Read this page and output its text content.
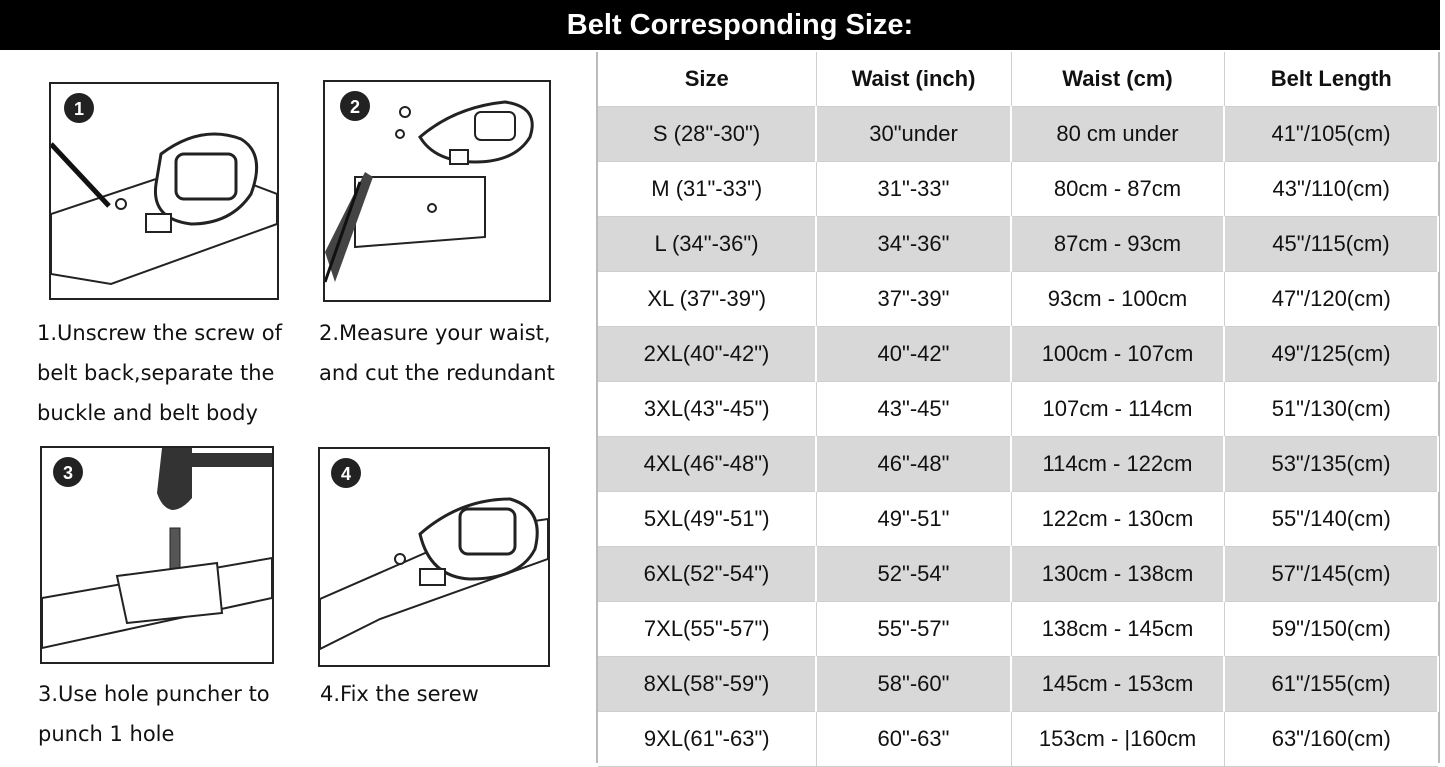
Belt Corresponding Size:
1	2
1.Unscrew the screw of
belt back,separate the
buckle and belt body
2.Measure your waist,
and cut the redundant
3	4
3.Use hole puncher to
punch 1 hole
4.Fix the serew
Size	Waist (inch)	Waist (cm)	Belt Length
S (28"-30")	30"under	80 cm under	41"/105(cm)
M (31"-33")	31"-33"	80cm - 87cm	43"/110(cm)
L (34"-36")	34"-36"	87cm - 93cm	45"/115(cm)
XL (37"-39")	37"-39"	93cm - 100cm	47"/120(cm)
2XL(40"-42")	40"-42"	100cm - 107cm	49"/125(cm)
3XL(43"-45")	43"-45"	107cm - 114cm	51"/130(cm)
4XL(46"-48")	46"-48"	114cm - 122cm	53"/135(cm)
5XL(49"-51")	49"-51"	122cm - 130cm	55"/140(cm)
6XL(52"-54")	52"-54"	130cm - 138cm	57"/145(cm)
7XL(55"-57")	55"-57"	138cm - 145cm	59"/150(cm)
8XL(58"-59")	58"-60"	145cm - 153cm	61"/155(cm)
9XL(61"-63")	60"-63"	153cm - |160cm	63"/160(cm)
